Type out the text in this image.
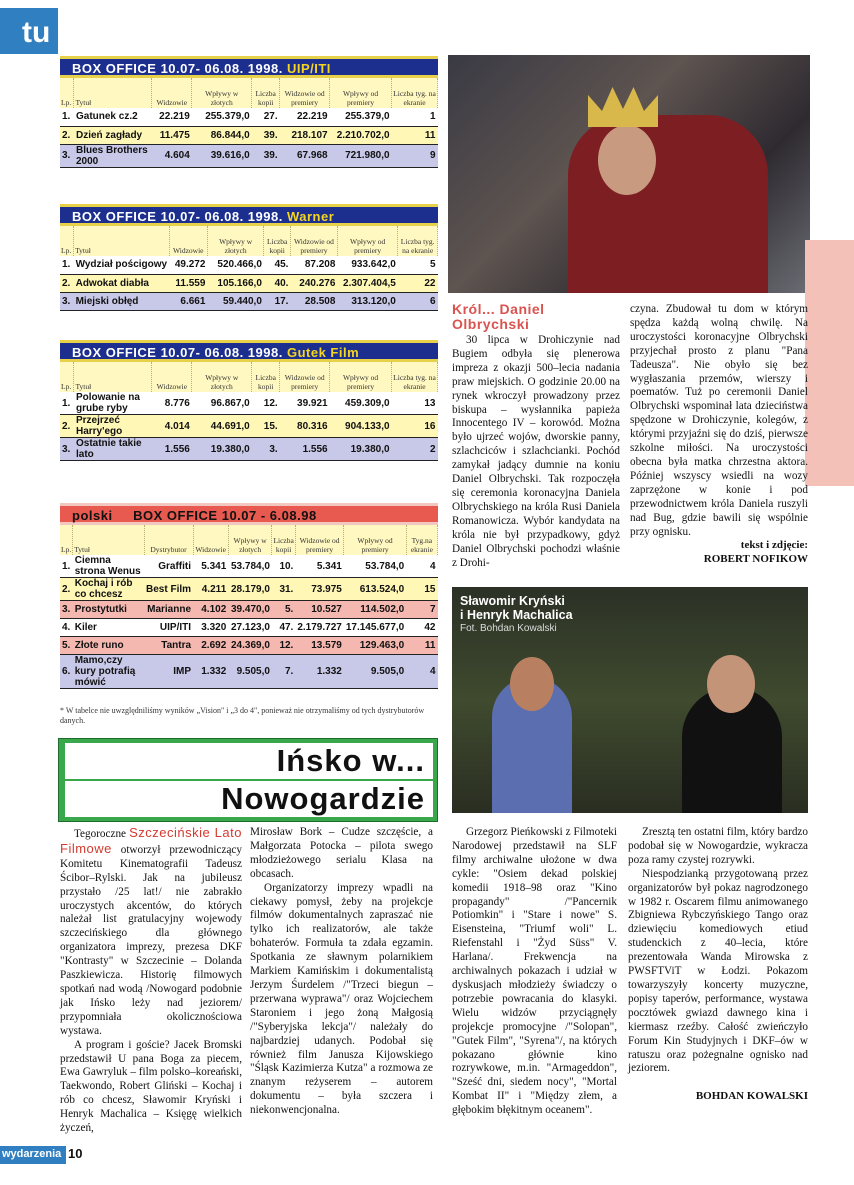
tu
BOX OFFICE 10.07- 06.08. 1998. UIP/ITI
Lp.	Tytuł	Widzowie	Wpływy w złotych	Liczba kopii	Widzowie od premiery	Wpływy od premiery	Liczba tyg. na ekranie
1.	Gatunek cz.2	22.219	255.379,0	27.	22.219	255.379,0	1
2.	Dzień zagłady	11.475	86.844,0	39.	218.107	2.210.702,0	11
3.	Blues Brothers 2000	4.604	39.616,0	39.	67.968	721.980,0	9
BOX OFFICE 10.07- 06.08. 1998. Warner
Lp.	Tytuł	Widzowie	Wpływy w złotych	Liczba kopii	Widzowie od premiery	Wpływy od premiery	Liczba tyg. na ekranie
1.	Wydział pościgowy	49.272	520.466,0	45.	87.208	933.642,0	5
2.	Adwokat diabła	11.559	105.166,0	40.	240.276	2.307.404,5	22
3.	Miejski obłęd	6.661	59.440,0	17.	28.508	313.120,0	6
BOX OFFICE 10.07- 06.08. 1998. Gutek Film
Lp.	Tytuł	Widzowie	Wpływy w złotych	Liczba kopii	Widzowie od premiery	Wpływy od premiery	Liczba tyg. na ekranie
1.	Polowanie na grube ryby	8.776	96.867,0	12.	39.921	459.309,0	13
2.	Przejrzeć Harry'ego	4.014	44.691,0	15.	80.316	904.133,0	16
3.	Ostatnie takie lato	1.556	19.380,0	3.	1.556	19.380,0	2
polski BOX OFFICE 10.07 - 6.08.98
Lp.	Tytuł	Dystrybutor	Widzowie	Wpływy w złotych	Liczba kopii	Widzowie od premiery	Wpływy od premiery	Tyg.na ekranie
1.	Ciemna strona Wenus	Graffiti	5.341	53.784,0	10.	5.341	53.784,0	4
2.	Kochaj i rób co chcesz	Best Film	4.211	28.179,0	31.	73.975	613.524,0	15
3.	Prostytutki	Marianne	4.102	39.470,0	5.	10.527	114.502,0	7
4.	Kiler	UIP/ITI	3.320	27.123,0	47.	2.179.727	17.145.677,0	42
5.	Złote runo	Tantra	2.692	24.369,0	12.	13.579	129.463,0	11
6.	Mamo,czy kury potrafią mówić	IMP	1.332	9.505,0	7.	1.332	9.505,0	4
* W tabelce nie uwzględniliśmy wyników „Vision" i „3 do 4", ponieważ nie otrzymaliśmy od tych dystrybutorów danych.
Król... Daniel
Olbrychski

30 lipca w Drohiczynie nad Bugiem odbyła się plenerowa impreza z okazji 500–lecia nadania praw miejskich. O godzinie 20.00 na rynek wkroczył prowadzony przez biskupa – wysłannika papieża Innocentego IV – korowód. Można było ujrzeć wojów, dworskie panny, szlachciców i szlachcianki. Pochód zamykał jadący dumnie na koniu Daniel Olbrychski. Tak rozpoczęła się ceremonia koronacyjna Daniela Olbrychskiego na króla Rusi Daniela Romanowicza. Wybór kandydata na króla nie był przypadkowy, gdyż Daniel Olbrychski pochodzi właśnie z Drohi-

czyna. Zbudował tu dom w którym spędza każdą wolną chwilę. Na uroczystości koronacyjne Olbrychski przyjechał prosto z planu "Pana Tadeusza". Nie obyło się bez wygłaszania przemów, wierszy i poematów. Tuż po ceremonii Daniel Olbrychski wspominał lata dzieciństwa spędzone w Drohiczynie, kolegów, z którymi przyjaźni się do dziś, pierwsze szkolne miłości. Na uroczystości obecna była matka chrzestna aktora. Później wszyscy wsiedli na wozy zaprzężone w konie i pod przewodnictwem króla Daniela ruszyli nad Bug, gdzie bawili się wspólnie przy ognisku.

tekst i zdjęcie:
ROBERT NOFIKOW
Sławomir Kryński
i Henryk Machalica
Fot. Bohdan Kowalski
Ińsko w...
Nowogardzie

Tegoroczne Szczecińskie Lato Filmowe otworzył przewodniczący Komitetu Kinematografii Tadeusz Ścibor–Rylski. Jak na jubileusz przystało /25 lat!/ nie zabrakło uroczystych akcentów, do których należał list gratulacyjny wojewody szczecińskiego dla głównego organizatora imprezy, prezesa DKF "Kontrasty" w Szczecinie – Dolanda Paszkiewicza. Historię filmowych spotkań nad wodą /Nowogard podobnie jak Ińsko leży nad jeziorem/ przypomniała okolicznościowa wystawa.

A program i goście? Jacek Bromski przedstawił U pana Boga za piecem, Ewa Gawryluk – film polsko–koreański, Taekwondo, Robert Gliński – Kochaj i rób co chcesz, Sławomir Kryński i Henryk Machalica – Księgę wielkich życzeń,

Mirosław Bork – Cudze szczęście, a Małgorzata Potocka – pilota swego młodzieżowego serialu Klasa na obcasach.

Organizatorzy imprezy wpadli na ciekawy pomysł, żeby na projekcje filmów dokumentalnych zapraszać nie tylko ich realizatorów, ale także bohaterów. Formuła ta zdała egzamin. Spotkania ze sławnym polarnikiem Markiem Kamińskim i dokumentalistą Jerzym Śurdelem /"Trzeci biegun – przerwana wyprawa"/ oraz Wojciechem Staroniem i jego żoną Małgosią /"Syberyjska lekcja"/ należały do najbardziej udanych. Podobał się również film Janusza Kijowskiego "Śląsk Kazimierza Kutza" a rozmowa ze znanym reżyserem – autorem dokumentu – była szczera i niekonwencjonalna.

Grzegorz Pieńkowski z Filmoteki Narodowej przedstawił na SLF filmy archiwalne ułożone w dwa cykle: "Osiem dekad polskiej komedii 1918–98 oraz "Kino propagandy" /"Pancernik Potiomkin" i "Stare i nowe" S. Eisensteina, "Triumf woli" L. Riefenstahl i "Żyd Süss" V. Harlana/. Frekwencja na archiwalnych pokazach i udział w dyskusjach młodzieży świadczy o potrzebie powracania do klasyki. Wielu widzów przyciągnęły projekcje promocyjne /"Solopan", "Gutek Film", "Syrena"/, na których pokazano głównie kino rozrywkowe, m.in. "Armageddon", "Sześć dni, siedem nocy", "Mortal Kombat II" i "Między złem, a głębokim błękitnym oceanem".

Zresztą ten ostatni film, który bardzo podobał się w Nowogardzie, wykracza poza ramy czystej rozrywki.

Niespodzianką przygotowaną przez organizatorów był pokaz nagrodzonego w 1982 r. Oscarem filmu animowanego Zbigniewa Rybczyńskiego Tango oraz dziewięciu komediowych etiud studenckich z 40–lecia, które prezentowała Wanda Mirowska z PWSFTViT w Łodzi. Pokazom towarzyszyły koncerty muzyczne, popisy taperów, performance, wystawa pocztówek gwiazd dawnego kina i kiermasz rzeźby. Całość zwieńczyło Forum Kin Studyjnych i DKF–ów w ratuszu oraz pożegnalne ognisko nad jeziorem.

BOHDAN KOWALSKI
wydarzenia 10
